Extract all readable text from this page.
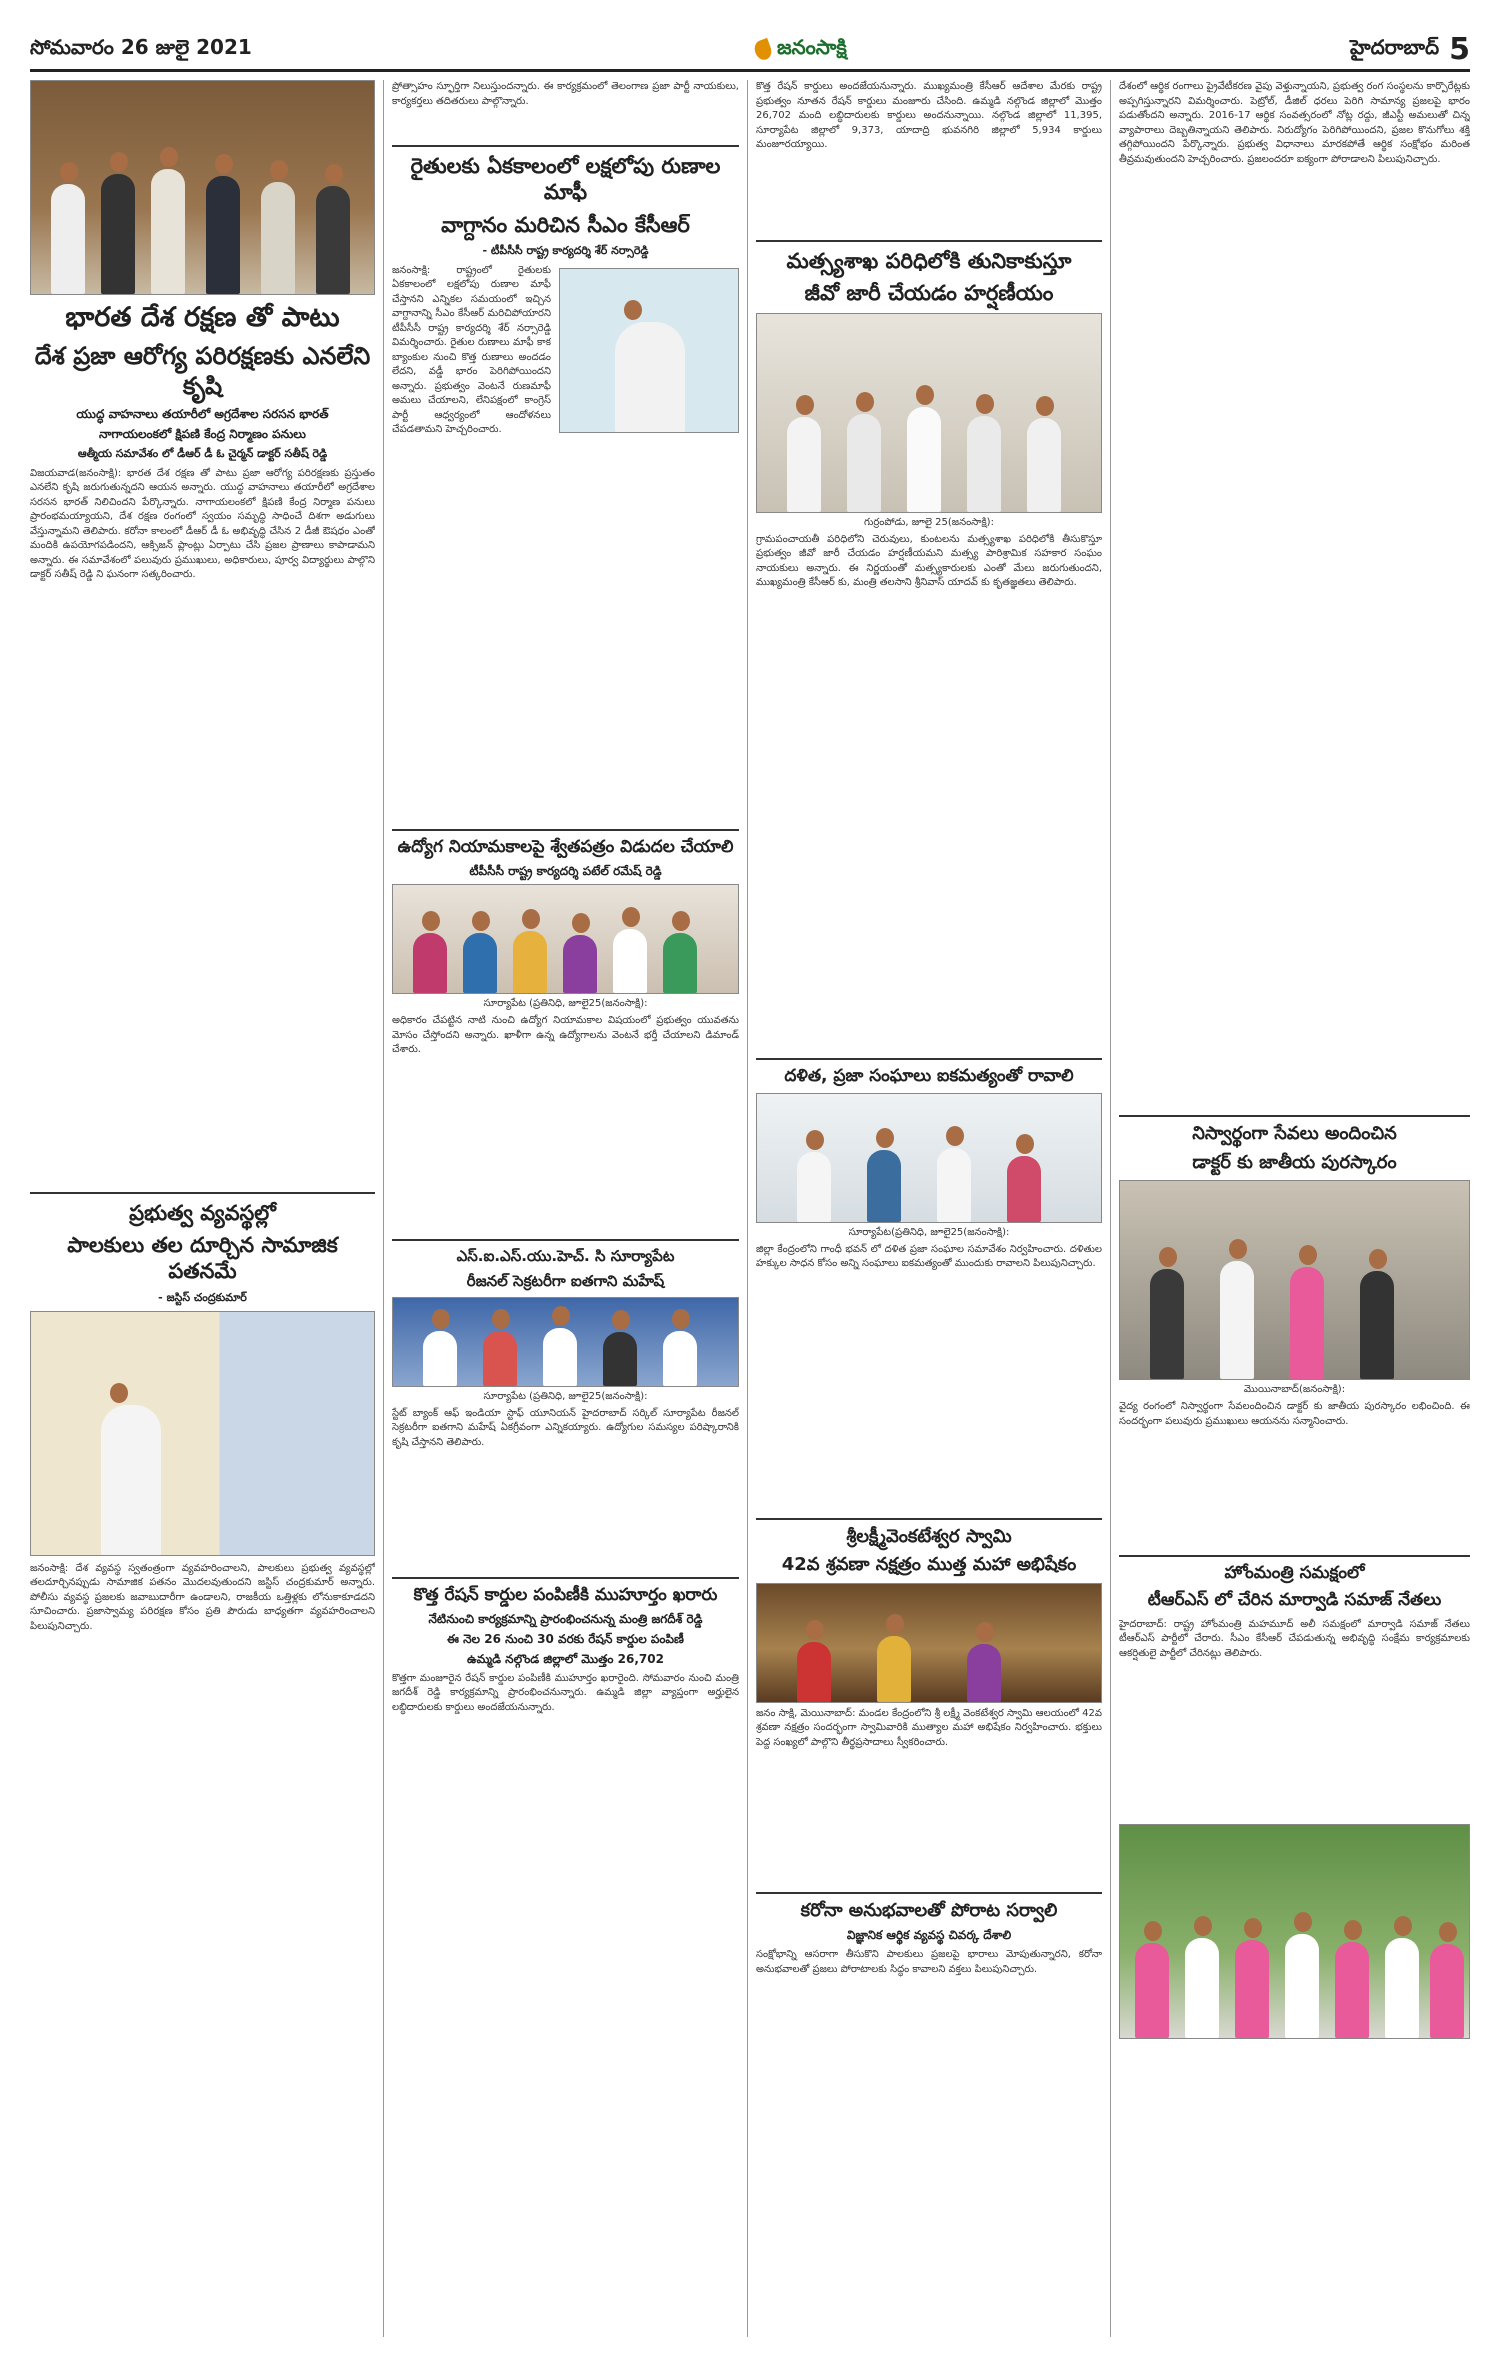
సోమవారం 26 జులై 2021	జనంసాక్షి	హైదరాబాద్ 5
భారత దేశ రక్షణ తో పాటు
దేశ ప్రజా ఆరోగ్య పరిరక్షణకు ఎనలేని కృషి
యుద్ధ వాహనాలు తయారీలో అగ్రదేశాల సరసన భారత్
నాగాయలంకలో క్షిపణి కేంద్ర నిర్మాణం పనులు
ఆత్మీయ సమావేశం లో డీఆర్ డీ ఓ చైర్మన్ డాక్టర్ సతీష్ రెడ్డి
విజయవాడ(జనంసాక్షి): భారత దేశ రక్షణ తో పాటు ప్రజా ఆరోగ్య పరిరక్షణకు ప్రస్తుతం ఎనలేని కృషి జరుగుతున్నదని ఆయన అన్నారు. యుద్ధ వాహనాలు తయారీలో అగ్రదేశాల సరసన భారత్ నిలిచిందని పేర్కొన్నారు. నాగాయలంకలో క్షిపణి కేంద్ర నిర్మాణ పనులు ప్రారంభమయ్యాయని, దేశ రక్షణ రంగంలో స్వయం సమృద్ధి సాధించే దిశగా అడుగులు వేస్తున్నామని తెలిపారు. కరోనా కాలంలో డీఆర్ డీ ఓ అభివృద్ధి చేసిన 2 డీజీ ఔషధం ఎంతో మందికి ఉపయోగపడిందని, ఆక్సిజన్ ప్లాంట్లు ఏర్పాటు చేసి ప్రజల ప్రాణాలు కాపాడామని అన్నారు. ఈ సమావేశంలో పలువురు ప్రముఖులు, అధికారులు, పూర్వ విద్యార్థులు పాల్గొని డాక్టర్ సతీష్ రెడ్డి ని ఘనంగా సత్కరించారు.
ప్రభుత్వ వ్యవస్థల్లో
పాలకులు తల దూర్చిన సామాజిక పతనమే
- జస్టిస్ చంద్రకుమార్
జనంసాక్షి: దేశ వ్యవస్థ స్వతంత్రంగా వ్యవహరించాలని, పాలకులు ప్రభుత్వ వ్యవస్థల్లో తలదూర్చినప్పుడు సామాజిక పతనం మొదలవుతుందని జస్టిస్ చంద్రకుమార్ అన్నారు. పోలీసు వ్యవస్థ ప్రజలకు జవాబుదారీగా ఉండాలని, రాజకీయ ఒత్తిళ్లకు లోనుకాకూడదని సూచించారు. ప్రజాస్వామ్య పరిరక్షణ కోసం ప్రతి పౌరుడు బాధ్యతగా వ్యవహరించాలని పిలుపునిచ్చారు.
ప్రోత్సాహం స్ఫూర్తిగా నిలుస్తుందన్నారు. ఈ కార్యక్రమంలో తెలంగాణ ప్రజా పార్టీ నాయకులు, కార్యకర్తలు తదితరులు పాల్గొన్నారు.
రైతులకు ఏకకాలంలో లక్షలోపు రుణాల మాఫీ
వాగ్దానం మరిచిన సీఎం కేసీఆర్
- టీపీసీసీ రాష్ట్ర కార్యదర్శి శేర్ నర్సారెడ్డి
జనంసాక్షి: రాష్ట్రంలో రైతులకు ఏకకాలంలో లక్షలోపు రుణాల మాఫీ చేస్తానని ఎన్నికల సమయంలో ఇచ్చిన వాగ్దానాన్ని సీఎం కేసీఆర్ మరిచిపోయారని టీపీసీసీ రాష్ట్ర కార్యదర్శి శేర్ నర్సారెడ్డి విమర్శించారు. రైతుల రుణాలు మాఫీ కాక బ్యాంకుల నుంచి కొత్త రుణాలు అందడం లేదని, వడ్డీ భారం పెరిగిపోయిందని అన్నారు. ప్రభుత్వం వెంటనే రుణమాఫీ అమలు చేయాలని, లేనిపక్షంలో కాంగ్రెస్ పార్టీ ఆధ్వర్యంలో ఆందోళనలు చేపడతామని హెచ్చరించారు.
ఉద్యోగ నియామకాలపై శ్వేతపత్రం విడుదల చేయాలి
టీపీసీసీ రాష్ట్ర కార్యదర్శి పటేల్ రమేష్ రెడ్డి
సూర్యాపేట (ప్రతినిధి, జూలై25(జనంసాక్షి):
అధికారం చేపట్టిన నాటి నుంచి ఉద్యోగ నియామకాల విషయంలో ప్రభుత్వం యువతను మోసం చేస్తోందని అన్నారు. ఖాళీగా ఉన్న ఉద్యోగాలను వెంటనే భర్తీ చేయాలని డిమాండ్ చేశారు.
ఎస్.ఐ.ఎస్.యు.హెచ్. సి సూర్యాపేట
రీజనల్ సెక్రటరీగా ఐతగాని మహేష్
సూర్యాపేట (ప్రతినిధి, జూలై25(జనంసాక్షి):
స్టేట్ బ్యాంక్ ఆఫ్ ఇండియా స్టాఫ్ యూనియన్ హైదరాబాద్ సర్కిల్ సూర్యాపేట రీజనల్ సెక్రటరీగా ఐతగాని మహేష్ ఏకగ్రీవంగా ఎన్నికయ్యారు. ఉద్యోగుల సమస్యల పరిష్కారానికి కృషి చేస్తానని తెలిపారు.
కొత్త రేషన్ కార్డుల పంపిణీకి ముహూర్తం ఖరారు
నేటినుంచి కార్యక్రమాన్ని ప్రారంభించనున్న మంత్రి జగదీశ్ రెడ్డి
ఈ నెల 26 నుంచి 30 వరకు రేషన్ కార్డుల పంపిణీ
ఉమ్మడి నల్గొండ జిల్లాలో మొత్తం 26,702
కొత్తగా మంజూరైన రేషన్ కార్డుల పంపిణీకి ముహూర్తం ఖరారైంది. సోమవారం నుంచి మంత్రి జగదీశ్ రెడ్డి కార్యక్రమాన్ని ప్రారంభించనున్నారు. ఉమ్మడి జిల్లా వ్యాప్తంగా అర్హులైన లబ్ధిదారులకు కార్డులు అందజేయనున్నారు.
కొత్త రేషన్ కార్డులు అందజేయనున్నారు. ముఖ్యమంత్రి కేసీఆర్ ఆదేశాల మేరకు రాష్ట్ర ప్రభుత్వం నూతన రేషన్ కార్డులు మంజూరు చేసింది. ఉమ్మడి నల్గొండ జిల్లాలో మొత్తం 26,702 మంది లబ్ధిదారులకు కార్డులు అందనున్నాయి. నల్గొండ జిల్లాలో 11,395, సూర్యాపేట జిల్లాలో 9,373, యాదాద్రి భువనగిరి జిల్లాలో 5,934 కార్డులు మంజూరయ్యాయి.
మత్స్యశాఖ పరిధిలోకి తునికాకుస్తూ
జీవో జారీ చేయడం హర్షణీయం
గుర్రంపోడు, జూలై 25(జనంసాక్షి):
గ్రామపంచాయతీ పరిధిలోని చెరువులు, కుంటలను మత్స్యశాఖ పరిధిలోకి తీసుకొస్తూ ప్రభుత్వం జీవో జారీ చేయడం హర్షణీయమని మత్స్య పారిశ్రామిక సహకార సంఘం నాయకులు అన్నారు. ఈ నిర్ణయంతో మత్స్యకారులకు ఎంతో మేలు జరుగుతుందని, ముఖ్యమంత్రి కేసీఆర్ కు, మంత్రి తలసాని శ్రీనివాస్ యాదవ్ కు కృతజ్ఞతలు తెలిపారు.
దళిత, ప్రజా సంఘాలు ఐకమత్యంతో రావాలి
సూర్యాపేట(ప్రతినిధి, జూలై25(జనంసాక్షి):
జిల్లా కేంద్రంలోని గాంధీ భవన్ లో దళిత ప్రజా సంఘాల సమావేశం నిర్వహించారు. దళితుల హక్కుల సాధన కోసం అన్ని సంఘాలు ఐకమత్యంతో ముందుకు రావాలని పిలుపునిచ్చారు.
శ్రీలక్ష్మీవెంకటేశ్వర స్వామి
42వ శ్రవణా నక్షత్రం ముత్త మహా అభిషేకం
జనం సాక్షి, మెయినాబాద్: మండల కేంద్రంలోని శ్రీ లక్ష్మీ వెంకటేశ్వర స్వామి ఆలయంలో 42వ శ్రవణా నక్షత్రం సందర్భంగా స్వామివారికి ముత్యాల మహా అభిషేకం నిర్వహించారు. భక్తులు పెద్ద సంఖ్యలో పాల్గొని తీర్థప్రసాదాలు స్వీకరించారు.
కరోనా అనుభవాలతో పోరాట సర్వాలి
విజ్ఞానిక ఆర్థిక వ్యవస్థ చివర్క దేశాలి
సంక్షోభాన్ని ఆసరాగా తీసుకొని పాలకులు ప్రజలపై భారాలు మోపుతున్నారని, కరోనా అనుభవాలతో ప్రజలు పోరాటాలకు సిద్ధం కావాలని వక్తలు పిలుపునిచ్చారు.
దేశంలో ఆర్థిక రంగాలు ప్రైవేటీకరణ వైపు వెళ్తున్నాయని, ప్రభుత్వ రంగ సంస్థలను కార్పొరేట్లకు అప్పగిస్తున్నారని విమర్శించారు. పెట్రోల్, డీజిల్ ధరలు పెరిగి సామాన్య ప్రజలపై భారం పడుతోందని అన్నారు. 2016-17 ఆర్థిక సంవత్సరంలో నోట్ల రద్దు, జీఎస్టీ అమలుతో చిన్న వ్యాపారాలు దెబ్బతిన్నాయని తెలిపారు. నిరుద్యోగం పెరిగిపోయిందని, ప్రజల కొనుగోలు శక్తి తగ్గిపోయిందని పేర్కొన్నారు. ప్రభుత్వ విధానాలు మారకపోతే ఆర్థిక సంక్షోభం మరింత తీవ్రమవుతుందని హెచ్చరించారు. ప్రజలందరూ ఐక్యంగా పోరాడాలని పిలుపునిచ్చారు.
నిస్వార్థంగా సేవలు అందించిన
డాక్టర్ కు జాతీయ పురస్కారం
మొయినాబాద్(జనంసాక్షి):
వైద్య రంగంలో నిస్వార్థంగా సేవలందించిన డాక్టర్ కు జాతీయ పురస్కారం లభించింది. ఈ సందర్భంగా పలువురు ప్రముఖులు ఆయనను సన్మానించారు.
హోంమంత్రి సమక్షంలో
టీఆర్ఎస్ లో చేరిన మార్వాడి సమాజ్ నేతలు
హైదరాబాద్: రాష్ట్ర హోంమంత్రి మహమూద్ అలీ సమక్షంలో మార్వాడి సమాజ్ నేతలు టీఆర్ఎస్ పార్టీలో చేరారు. సీఎం కేసీఆర్ చేపడుతున్న అభివృద్ధి సంక్షేమ కార్యక్రమాలకు ఆకర్షితులై పార్టీలో చేరినట్లు తెలిపారు.
